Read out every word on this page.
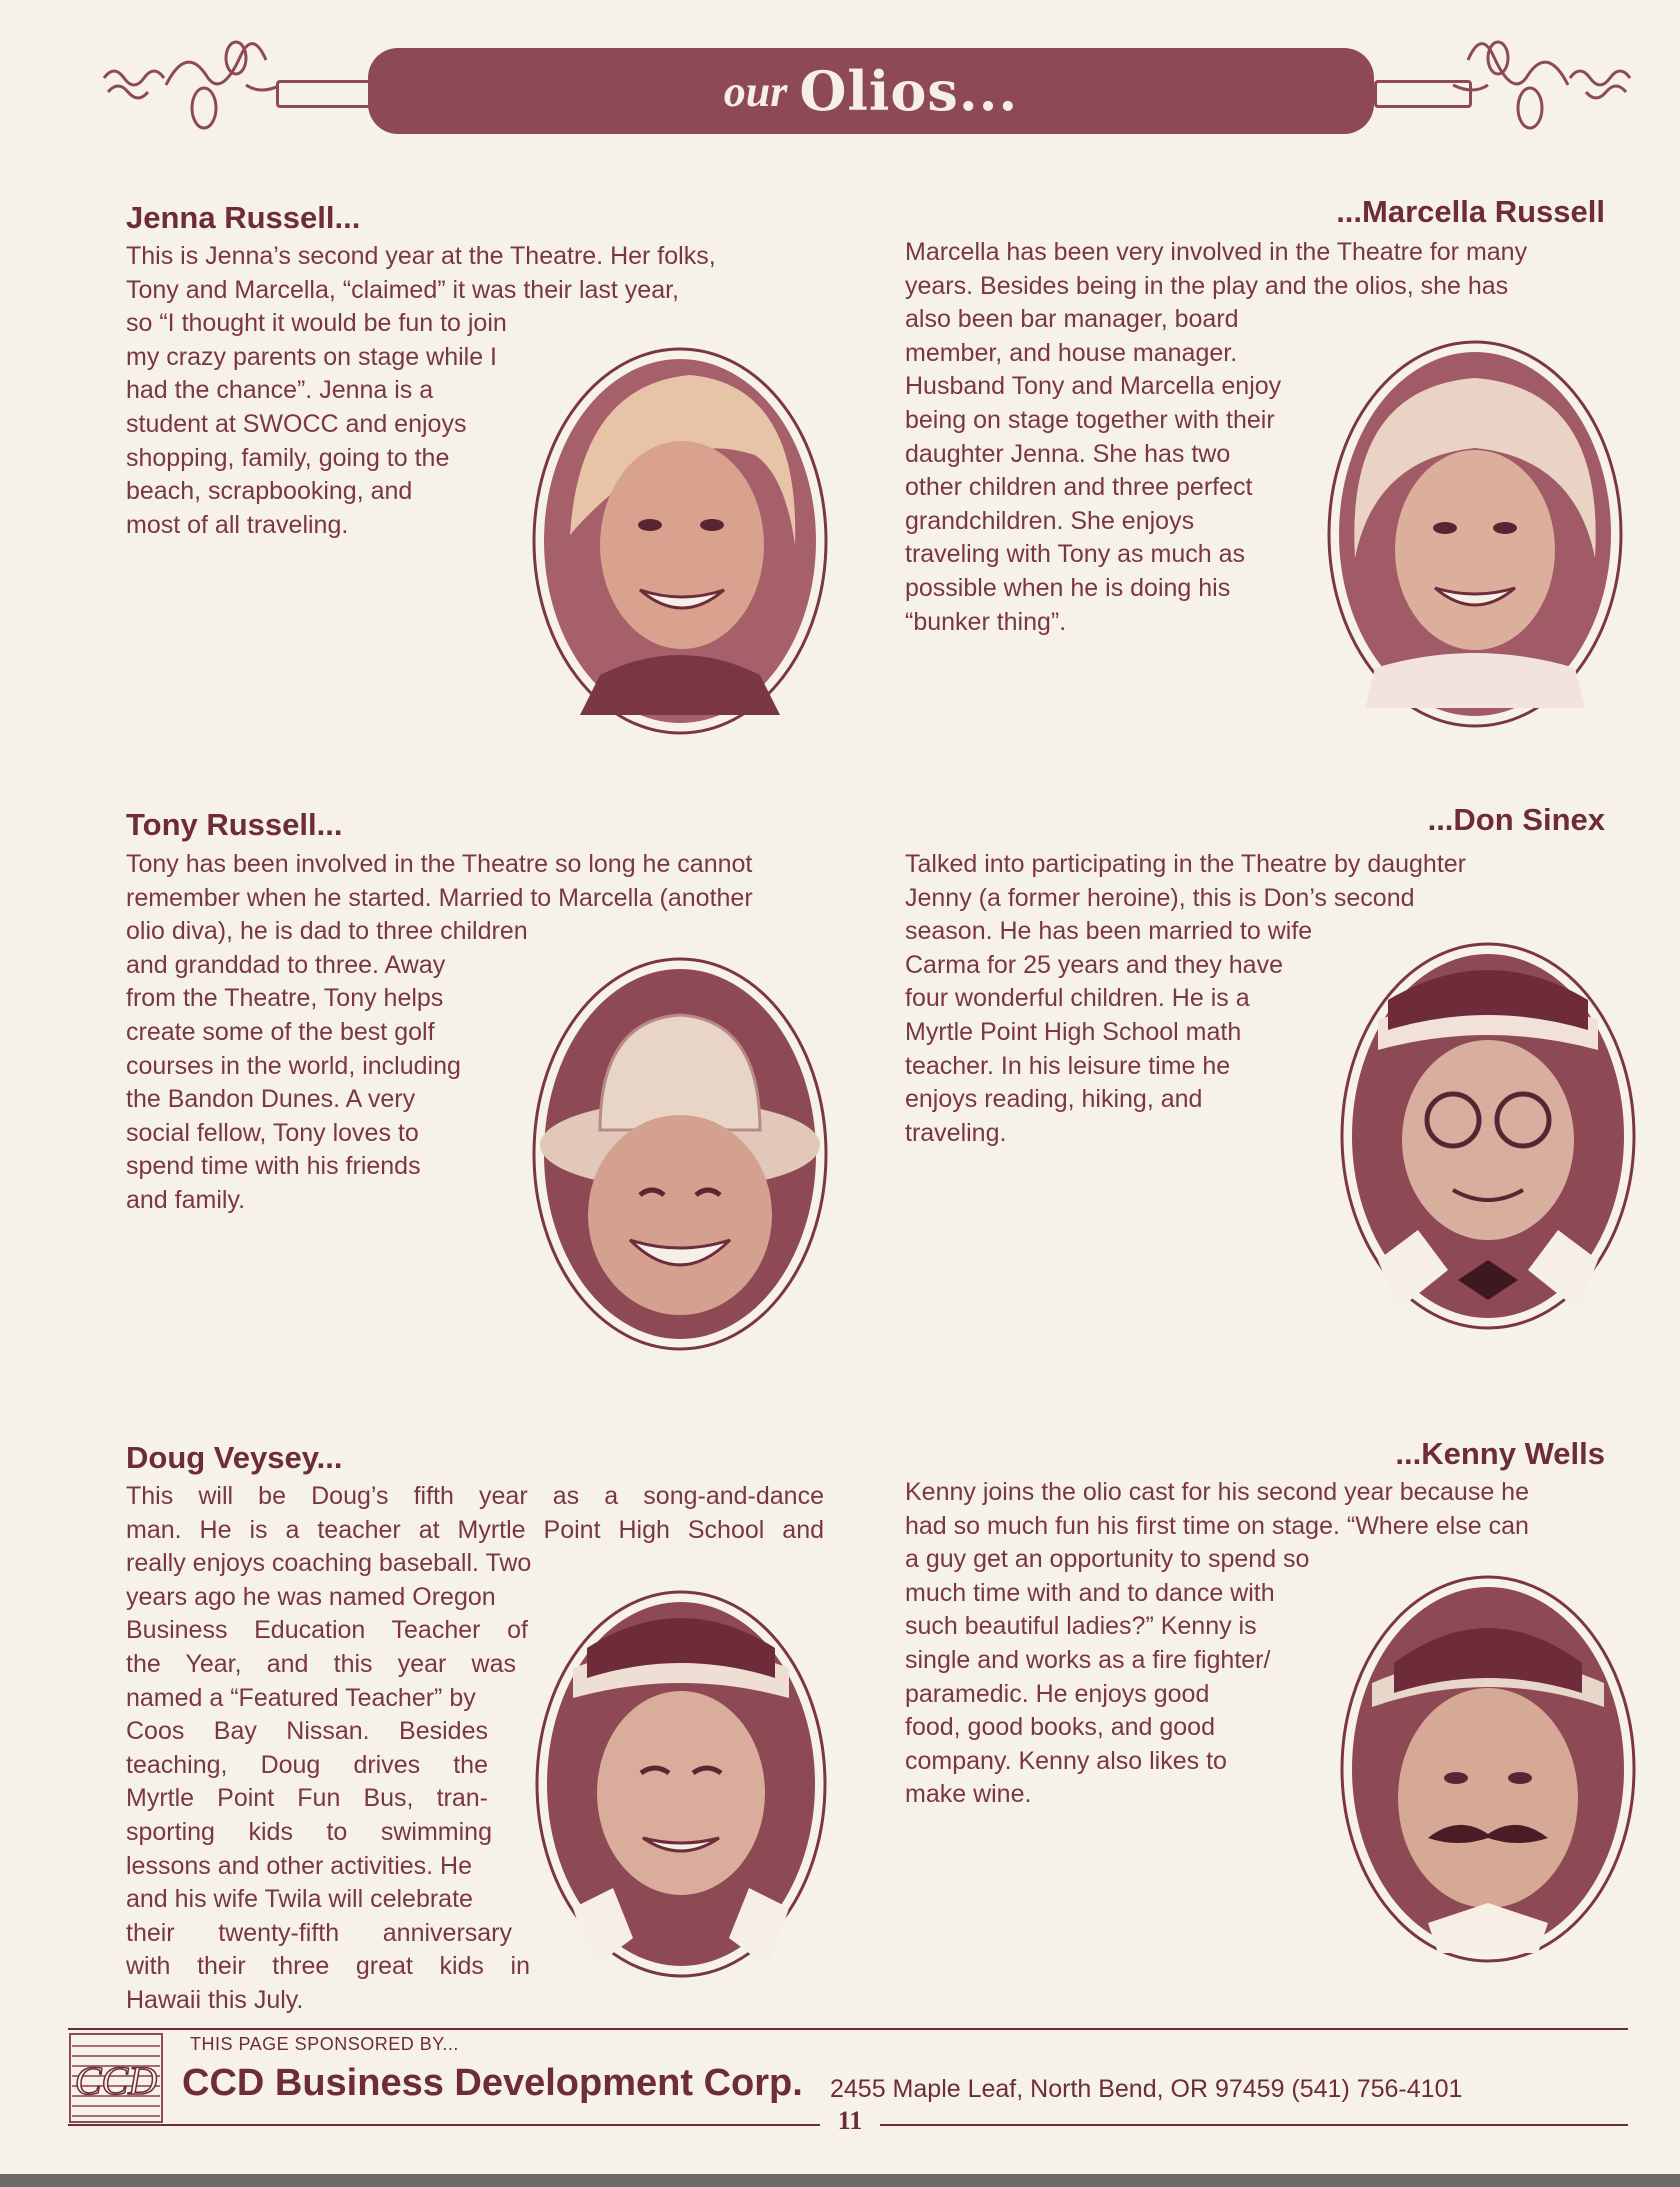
our Olios...
Jenna Russell...
This is Jenna’s second year at the Theatre. Her folks,
Tony and Marcella, “claimed” it was their last year,
so “I thought it would be fun to join
my crazy parents on stage while I
had the chance”. Jenna is a
student at SWOCC and enjoys
shopping, family, going to the
beach, scrapbooking, and
most of all traveling.
...Marcella Russell
Marcella has been very involved in the Theatre for many
years. Besides being in the play and the olios, she has
also been bar manager, board
member, and house manager.
Husband Tony and Marcella enjoy
being on stage together with their
daughter Jenna. She has two
other children and three perfect
grandchildren. She enjoys
traveling with Tony as much as
possible when he is doing his
“bunker thing”.
Tony Russell...
Tony has been involved in the Theatre so long he cannot
remember when he started. Married to Marcella (another
olio diva), he is dad to three children
and granddad to three. Away
from the Theatre, Tony helps
create some of the best golf
courses in the world, including
the Bandon Dunes. A very
social fellow, Tony loves to
spend time with his friends
and family.
...Don Sinex
Talked into participating in the Theatre by daughter
Jenny (a former heroine), this is Don’s second
season. He has been married to wife
Carma for 25 years and they have
four wonderful children. He is a
Myrtle Point High School math
teacher. In his leisure time he
enjoys reading, hiking, and
traveling.
Doug Veysey...
This will be Doug’s fifth year as a song-and-dance
man. He is a teacher at Myrtle Point High School and
really enjoys coaching baseball. Two
years ago he was named Oregon
Business Education Teacher of
the Year, and this year was
named a “Featured Teacher” by
Coos Bay Nissan. Besides
teaching, Doug drives the
Myrtle Point Fun Bus, tran-
sporting kids to swimming
lessons and other activities. He
and his wife Twila will celebrate
their twenty-fifth anniversary
with their three great kids in
Hawaii this July.
...Kenny Wells
Kenny joins the olio cast for his second year because he
had so much fun his first time on stage. “Where else can
a guy get an opportunity to spend so
much time with and to dance with
such beautiful ladies?” Kenny is
single and works as a fire fighter/
paramedic. He enjoys good
food, good books, and good
company. Kenny also likes to
make wine.
CCD
THIS PAGE SPONSORED BY...
CCD Business Development Corp. 2455 Maple Leaf, North Bend, OR 97459 (541) 756-4101
11
